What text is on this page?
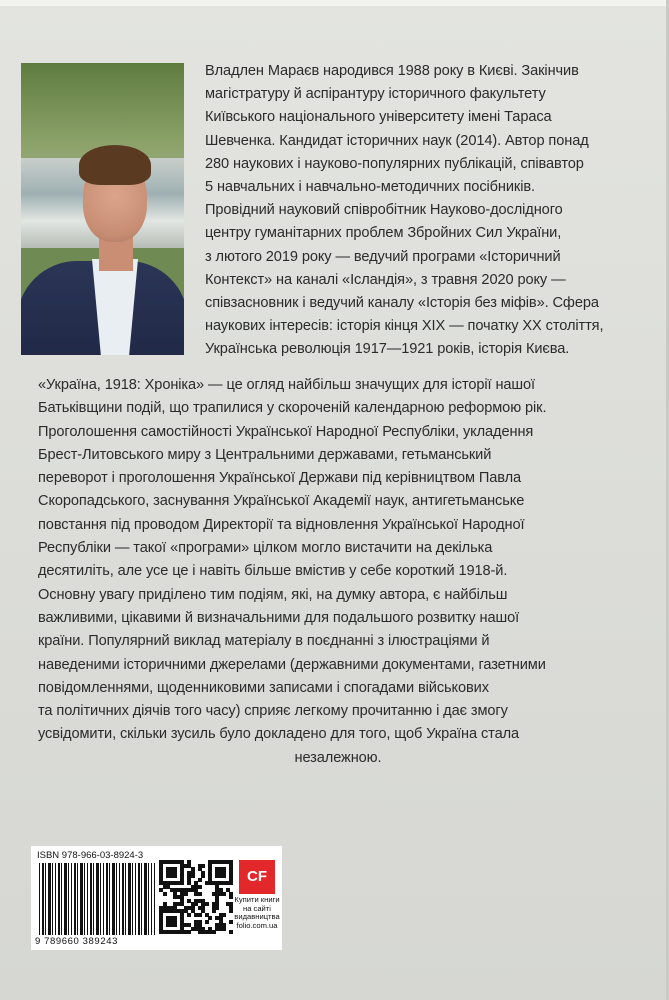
Владлен Мараєв народився 1988 року в Києві. Закінчив
магістратуру й аспірантуру історичного факультету
Київського національного університету імені Тараса
Шевченка. Кандидат історичних наук (2014). Автор понад
280 наукових і науково-популярних публікацій, співавтор
5 навчальних і навчально-методичних посібників.
Провідний науковий співробітник Науково-дослідного
центру гуманітарних проблем Збройних Сил України,
з лютого 2019 року — ведучий програми «Історичний
Контекст» на каналі «Ісландія», з травня 2020 року —
співзасновник і ведучий каналу «Історія без міфів». Сфера
наукових інтересів: історія кінця XIX — початку XX століття,
Українська революція 1917—1921 років, історія Києва.

«Україна, 1918: Хроніка» — це огляд найбільш значущих для історії нашої
Батьківщини подій, що трапилися у скороченій календарною реформою рік.
Проголошення самостійності Української Народної Республіки, укладення
Брест-Литовського миру з Центральними державами, гетьманський
переворот і проголошення Української Держави під керівництвом Павла
Скоропадського, заснування Української Академії наук, антигетьманське
повстання під проводом Директорії та відновлення Української Народної
Республіки — такої «програми» цілком могло вистачити на декілька
десятиліть, але усе це і навіть більше вмістив у себе короткий 1918-й.
Основну увагу приділено тим подіям, які, на думку автора, є найбільш
важливими, цікавими й визначальними для подальшого розвитку нашої
країни. Популярний виклад матеріалу в поєднанні з ілюстраціями й
наведеними історичними джерелами (державними документами, газетними
повідомленнями, щоденниковими записами і спогадами військових
та політичних діячів того часу) сприяє легкому прочитанню і дає змогу
усвідомити, скільки зусиль було докладено для того, щоб Україна стала
незалежною.

ISBN 978-966-03-8924-3
9 789660 389243
CF
Купити книги
на сайті
видавництва
folio.com.ua
